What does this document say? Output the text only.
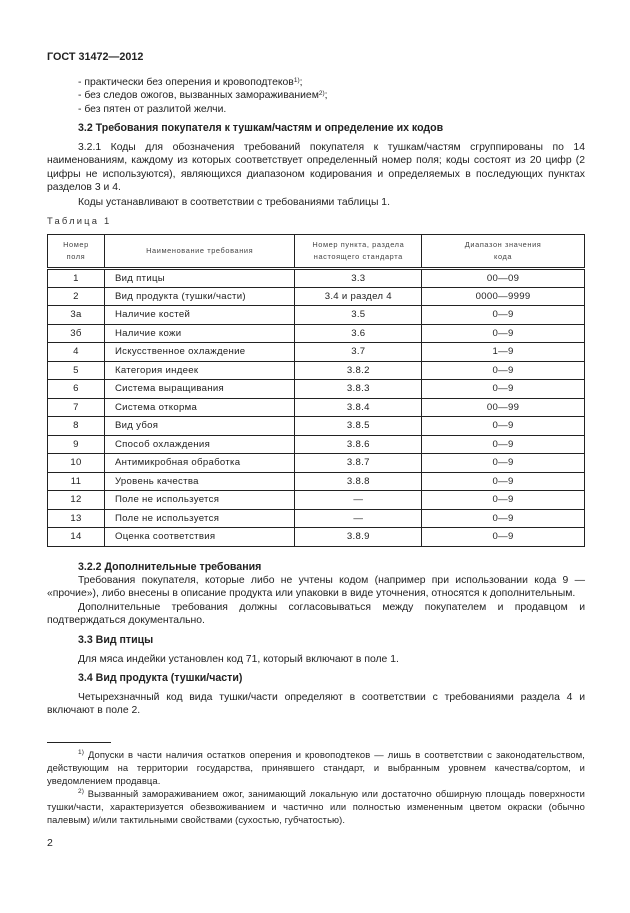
ГОСТ 31472—2012
- практически без оперения и кровоподтеков$^{1)}$;
- без следов ожогов, вызванных замораживанием$^{2)}$;
- без пятен от разлитой желчи.
3.2 Требования покупателя к тушкам/частям и определение их кодов
3.2.1 Коды для обозначения требований покупателя к тушкам/частям сгруппированы по 14 наименованиям, каждому из которых соответствует определенный номер поля; коды состоят из 20 цифр (2 цифры не используются), являющихся диапазоном кодирования и определяемых в последующих пунктах разделов 3 и 4.
Коды устанавливают в соответствии с требованиями таблицы 1.
Таблица 1
Номер поля	Наименование требования	Номер пункта, раздела настоящего стандарта	Диапазон значения кода
1	Вид птицы	3.3	00—09
2	Вид продукта (тушки/части)	3.4 и раздел 4	0000—9999
3а	Наличие костей	3.5	0—9
3б	Наличие кожи	3.6	0—9
4	Искусственное охлаждение	3.7	1—9
5	Категория индеек	3.8.2	0—9
6	Система выращивания	3.8.3	0—9
7	Система откорма	3.8.4	00—99
8	Вид убоя	3.8.5	0—9
9	Способ охлаждения	3.8.6	0—9
10	Антимикробная обработка	3.8.7	0—9
11	Уровень качества	3.8.8	0—9
12	Поле не используется	—	0—9
13	Поле не используется	—	0—9
14	Оценка соответствия	3.8.9	0—9
3.2.2 Дополнительные требования
Требования покупателя, которые либо не учтены кодом (например при использовании кода 9 — «прочие»), либо внесены в описание продукта или упаковки в виде уточнения, относятся к дополнительным.
Дополнительные требования должны согласовываться между покупателем и продавцом и подтверждаться документально.
3.3 Вид птицы
Для мяса индейки установлен код 71, который включают в поле 1.
3.4 Вид продукта (тушки/части)
Четырехзначный код вида тушки/части определяют в соответствии с требованиями раздела 4 и включают в поле 2.
$^{1)}$ Допуски в части наличия остатков оперения и кровоподтеков — лишь в соответствии с законодательством, действующим на территории государства, принявшего стандарт, и выбранным уровнем качества/сортом, и уведомлением продавца.
$^{2)}$ Вызванный замораживанием ожог, занимающий локальную или достаточно обширную площадь поверхности тушки/части, характеризуется обезвоживанием и частично или полностью измененным цветом окраски (обычно палевым) и/или тактильными свойствами (сухостью, губчатостью).
2
